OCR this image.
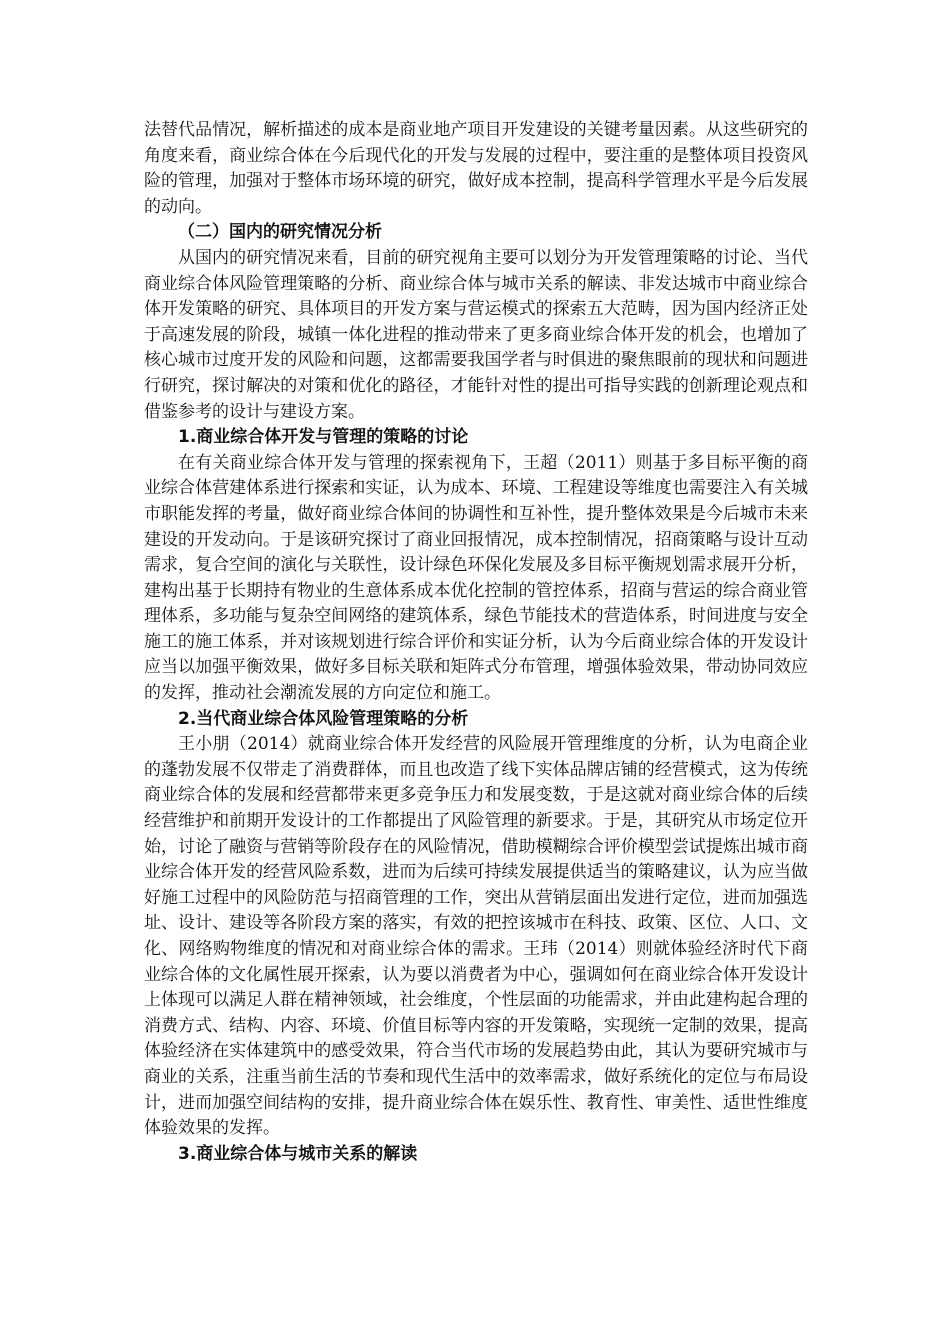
法替代品情况，解析描述的成本是商业地产项目开发建设的关键考量因素。从这些研究的角度来看，商业综合体在今后现代化的开发与发展的过程中，要注重的是整体项目投资风险的管理，加强对于整体市场环境的研究，做好成本控制，提高科学管理水平是今后发展的动向。

（二）国内的研究情况分析

从国内的研究情况来看，目前的研究视角主要可以划分为开发管理策略的讨论、当代商业综合体风险管理策略的分析、商业综合体与城市关系的解读、非发达城市中商业综合体开发策略的研究、具体项目的开发方案与营运模式的探索五大范畴，因为国内经济正处于高速发展的阶段，城镇一体化进程的推动带来了更多商业综合体开发的机会，也增加了核心城市过度开发的风险和问题，这都需要我国学者与时俱进的聚焦眼前的现状和问题进行研究，探讨解决的对策和优化的路径，才能针对性的提出可指导实践的创新理论观点和借鉴参考的设计与建设方案。

1.商业综合体开发与管理的策略的讨论

在有关商业综合体开发与管理的探索视角下，王超（2011）则基于多目标平衡的商业综合体营建体系进行探索和实证，认为成本、环境、工程建设等维度也需要注入有关城市职能发挥的考量，做好商业综合体间的协调性和互补性，提升整体效果是今后城市未来建设的开发动向。于是该研究探讨了商业回报情况，成本控制情况，招商策略与设计互动需求，复合空间的演化与关联性，设计绿色环保化发展及多目标平衡规划需求展开分析，建构出基于长期持有物业的生意体系成本优化控制的管控体系，招商与营运的综合商业管理体系，多功能与复杂空间网络的建筑体系，绿色节能技术的营造体系，时间进度与安全施工的施工体系，并对该规划进行综合评价和实证分析，认为今后商业综合体的开发设计应当以加强平衡效果，做好多目标关联和矩阵式分布管理，增强体验效果，带动协同效应的发挥，推动社会潮流发展的方向定位和施工。

2.当代商业综合体风险管理策略的分析

王小朋（2014）就商业综合体开发经营的风险展开管理维度的分析，认为电商企业的蓬勃发展不仅带走了消费群体，而且也改造了线下实体品牌店铺的经营模式，这为传统商业综合体的发展和经营都带来更多竞争压力和发展变数，于是这就对商业综合体的后续经营维护和前期开发设计的工作都提出了风险管理的新要求。于是，其研究从市场定位开始，讨论了融资与营销等阶段存在的风险情况，借助模糊综合评价模型尝试提炼出城市商业综合体开发的经营风险系数，进而为后续可持续发展提供适当的策略建议，认为应当做好施工过程中的风险防范与招商管理的工作，突出从营销层面出发进行定位，进而加强选址、设计、建设等各阶段方案的落实，有效的把控该城市在科技、政策、区位、人口、文化、网络购物维度的情况和对商业综合体的需求。王玮（2014）则就体验经济时代下商业综合体的文化属性展开探索，认为要以消费者为中心，强调如何在商业综合体开发设计上体现可以满足人群在精神领域，社会维度，个性层面的功能需求，并由此建构起合理的消费方式、结构、内容、环境、价值目标等内容的开发策略，实现统一定制的效果，提高体验经济在实体建筑中的感受效果，符合当代市场的发展趋势由此，其认为要研究城市与商业的关系，注重当前生活的节奏和现代生活中的效率需求，做好系统化的定位与布局设计，进而加强空间结构的安排，提升商业综合体在娱乐性、教育性、审美性、适世性维度体验效果的发挥。

3.商业综合体与城市关系的解读
